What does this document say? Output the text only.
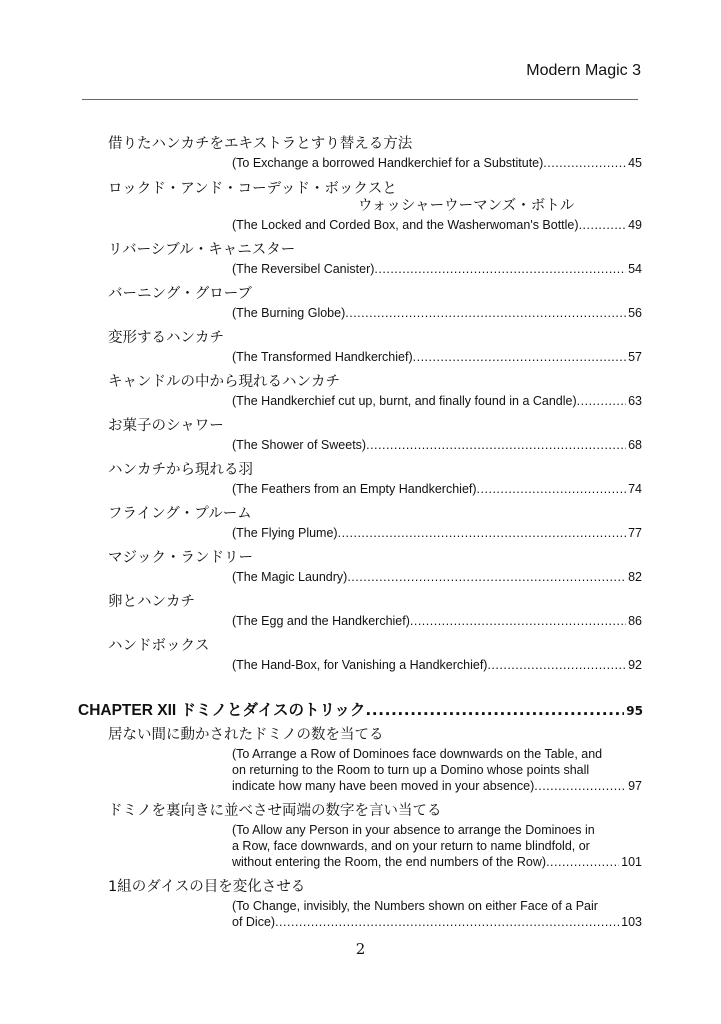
Modern Magic 3
借りたハンカチをエキストラとすり替える方法
(To Exchange a borrowed Handkerchief for a Substitute) .....	45
ロックド・アンド・コーデッド・ボックスと
ウォッシャーウーマンズ・ボトル
(The Locked and Corded Box, and the Washerwoman's Bottle) .....	49
リバーシブル・キャニスター
(The Reversibel Canister) .....	54
バーニング・グローブ
(The Burning Globe) .....	56
変形するハンカチ
(The Transformed Handkerchief) .....	57
キャンドルの中から現れるハンカチ
(The Handkerchief cut up, burnt, and finally found in a Candle) .....	63
お菓子のシャワー
(The Shower of Sweets) .....	68
ハンカチから現れる羽
(The Feathers from an Empty Handkerchief) .....	74
フライング・プルーム
(The Flying Plume) .....	77
マジック・ランドリー
(The Magic Laundry) .....	82
卵とハンカチ
(The Egg and the Handkerchief) .....	86
ハンドボックス
(The Hand-Box, for Vanishing a Handkerchief) .....	92
CHAPTER XII ドミノとダイスのトリック .....	95
居ない間に動かされたドミノの数を当てる
(To Arrange a Row of Dominoes face downwards on the Table, and
on returning to the Room to turn up a Domino whose points shall
indicate how many have been moved in your absence) .....	97
ドミノを裏向きに並べさせ両端の数字を言い当てる
(To Allow any Person in your absence to arrange the Dominoes in
a Row, face downwards, and on your return to name blindfold, or
without entering the Room, the end numbers of the Row) .....	101
1組のダイスの目を変化させる
(To Change, invisibly, the Numbers shown on either Face of a Pair
of Dice) .....	103
2
